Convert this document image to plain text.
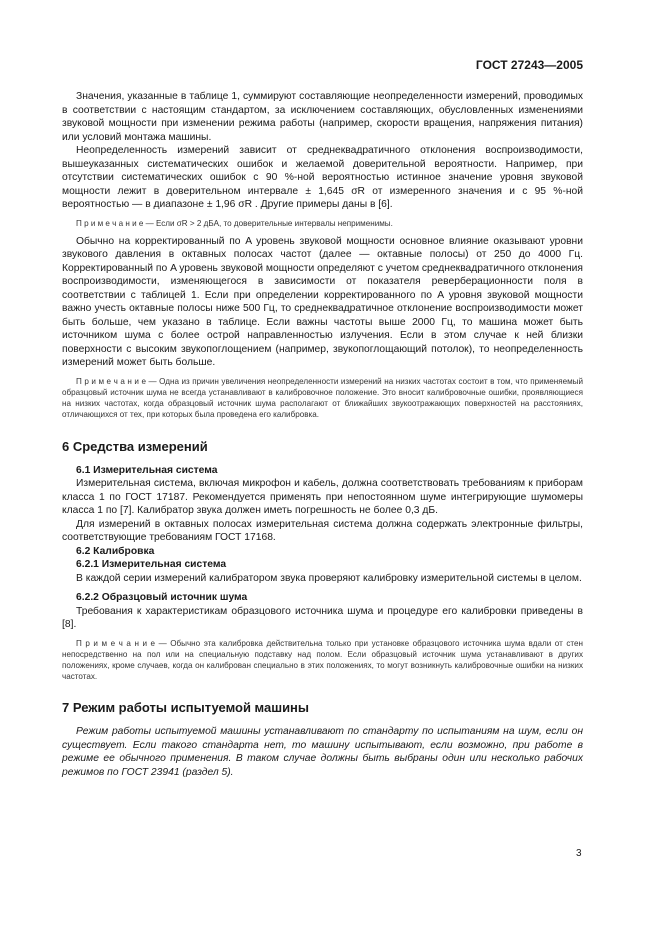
ГОСТ 27243—2005

Значения, указанные в таблице 1, суммируют составляющие неопределенности измерений, проводимых в соответствии с настоящим стандартом, за исключением составляющих, обусловленных изменениями звуковой мощности при изменении режима работы (например, скорости вращения, напряжения питания) или условий монтажа машины.

Неопределенность измерений зависит от среднеквадратичного отклонения воспроизводимости, вышеуказанных систематических ошибок и желаемой доверительной вероятности. Например, при отсутствии систематических ошибок с 90 %-ной вероятностью истинное значение уровня звуковой мощности лежит в доверительном интервале ± 1,645 σR от измеренного значения и с 95 %-ной вероятностью — в диапазоне ± 1,96 σR . Другие примеры даны в [6].

П р и м е ч а н и е — Если σR > 2 дБA, то доверительные интервалы неприменимы.

Обычно на корректированный по A уровень звуковой мощности основное влияние оказывают уровни звукового давления в октавных полосах частот (далее — октавные полосы) от 250 до 4000 Гц. Корректированный по A уровень звуковой мощности определяют с учетом среднеквадратичного отклонения воспроизводимости, изменяющегося в зависимости от показателя реверберационности поля в соответствии с таблицей 1. Если при определении корректированного по A уровня звуковой мощности важно учесть октавные полосы ниже 500 Гц, то среднеквадратичное отклонение воспроизводимости может быть больше, чем указано в таблице. Если важны частоты выше 2000 Гц, то машина может быть источником шума с более острой направленностью излучения. Если в этом случае к ней близки поверхности с высоким звукопоглощением (например, звукопоглощающий потолок), то неопределенность измерений может быть больше.

П р и м е ч а н и е — Одна из причин увеличения неопределенности измерений на низких частотах состоит в том, что применяемый образцовый источник шума не всегда устанавливают в калибровочное положение. Это вносит калибровочные ошибки, проявляющиеся на низких частотах, когда образцовый источник шума располагают от ближайших звукоотражающих поверхностей на расстояниях, отличающихся от тех, при которых была проведена его калибровка.

6 Средства измерений
6.1 Измерительная система

Измерительная система, включая микрофон и кабель, должна соответствовать требованиям к приборам класса 1 по ГОСТ 17187. Рекомендуется применять при непостоянном шуме интегрирующие шумомеры класса 1 по [7]. Калибратор звука должен иметь погрешность не более 0,3 дБ.

Для измерений в октавных полосах измерительная система должна содержать электронные фильтры, соответствующие требованиям ГОСТ 17168.

6.2 Калибровка
6.2.1 Измерительная система

В каждой серии измерений калибратором звука проверяют калибровку измерительной системы в целом.

6.2.2 Образцовый источник шума

Требования к характеристикам образцового источника шума и процедуре его калибровки приведены в [8].

П р и м е ч а н и е — Обычно эта калибровка действительна только при установке образцового источника шума вдали от стен непосредственно на пол или на специальную подставку над полом. Если образцовый источник шума устанавливают в других положениях, кроме случаев, когда он калиброван специально в этих положениях, то могут возникнуть калибровочные ошибки на низких частотах.

7 Режим работы испытуемой машины

Режим работы испытуемой машины устанавливают по стандарту по испытаниям на шум, если он существует. Если такого стандарта нет, то машину испытывают, если возможно, при работе в режиме ее обычного применения. В таком случае должны быть выбраны один или несколько рабочих режимов по ГОСТ 23941 (раздел 5).

3
